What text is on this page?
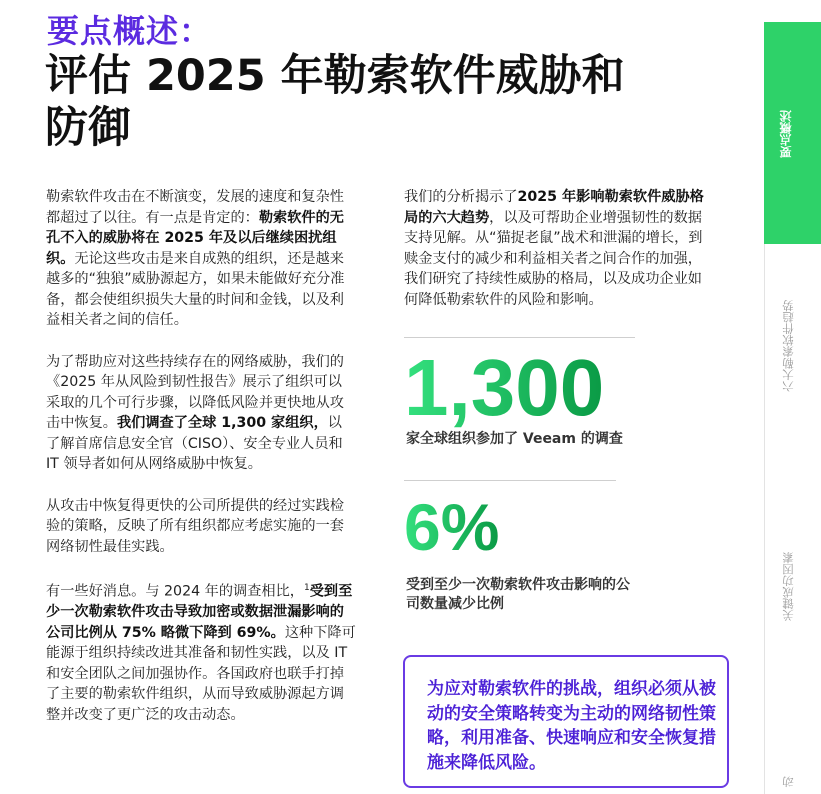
要点概述：
评估 2025 年勒索软件威胁和防御

勒索软件攻击在不断演变，发展的速度和复杂性都超过了以往。有一点是肯定的：勒索软件的无孔不入的威胁将在 2025 年及以后继续困扰组织。无论这些攻击是来自成熟的组织，还是越来越多的“独狼”威胁源起方，如果未能做好充分准备，都会使组织损失大量的时间和金钱，以及利益相关者之间的信任。

为了帮助应对这些持续存在的网络威胁，我们的《2025 年从风险到韧性报告》展示了组织可以采取的几个可行步骤，以降低风险并更快地从攻击中恢复。我们调查了全球 1,300 家组织，以了解首席信息安全官（CISO）、安全专业人员和 IT 领导者如何从网络威胁中恢复。

从攻击中恢复得更快的公司所提供的经过实践检验的策略，反映了所有组织都应考虑实施的一套网络韧性最佳实践。

有一些好消息。与 2024 年的调查相比，$^1$受到至少一次勒索软件攻击导致加密或数据泄漏影响的公司比例从 75% 略微下降到 69%。这种下降可能源于组织持续改进其准备和韧性实践，以及 IT 和安全团队之间加强协作。各国政府也联手打掉了主要的勒索软件组织，从而导致威胁源起方调整并改变了更广泛的攻击动态。

我们的分析揭示了2025 年影响勒索软件威胁格局的六大趋势，以及可帮助企业增强韧性的数据支持见解。从“猫捉老鼠”战术和泄漏的增长，到赎金支付的减少和利益相关者之间合作的加强，我们研究了持续性威胁的格局，以及成功企业如何降低勒索软件的风险和影响。

1,300
家全球组织参加了 Veeam 的调查
6%
受到至少一次勒索软件攻击影响的公司数量减少比例
为应对勒索软件的挑战，组织必须从被动的安全策略转变为主动的网络韧性策略，利用准备、快速响应和安全恢复措施来降低风险。
要点概述
六大勒索软件趋势
关键成功因素
动
